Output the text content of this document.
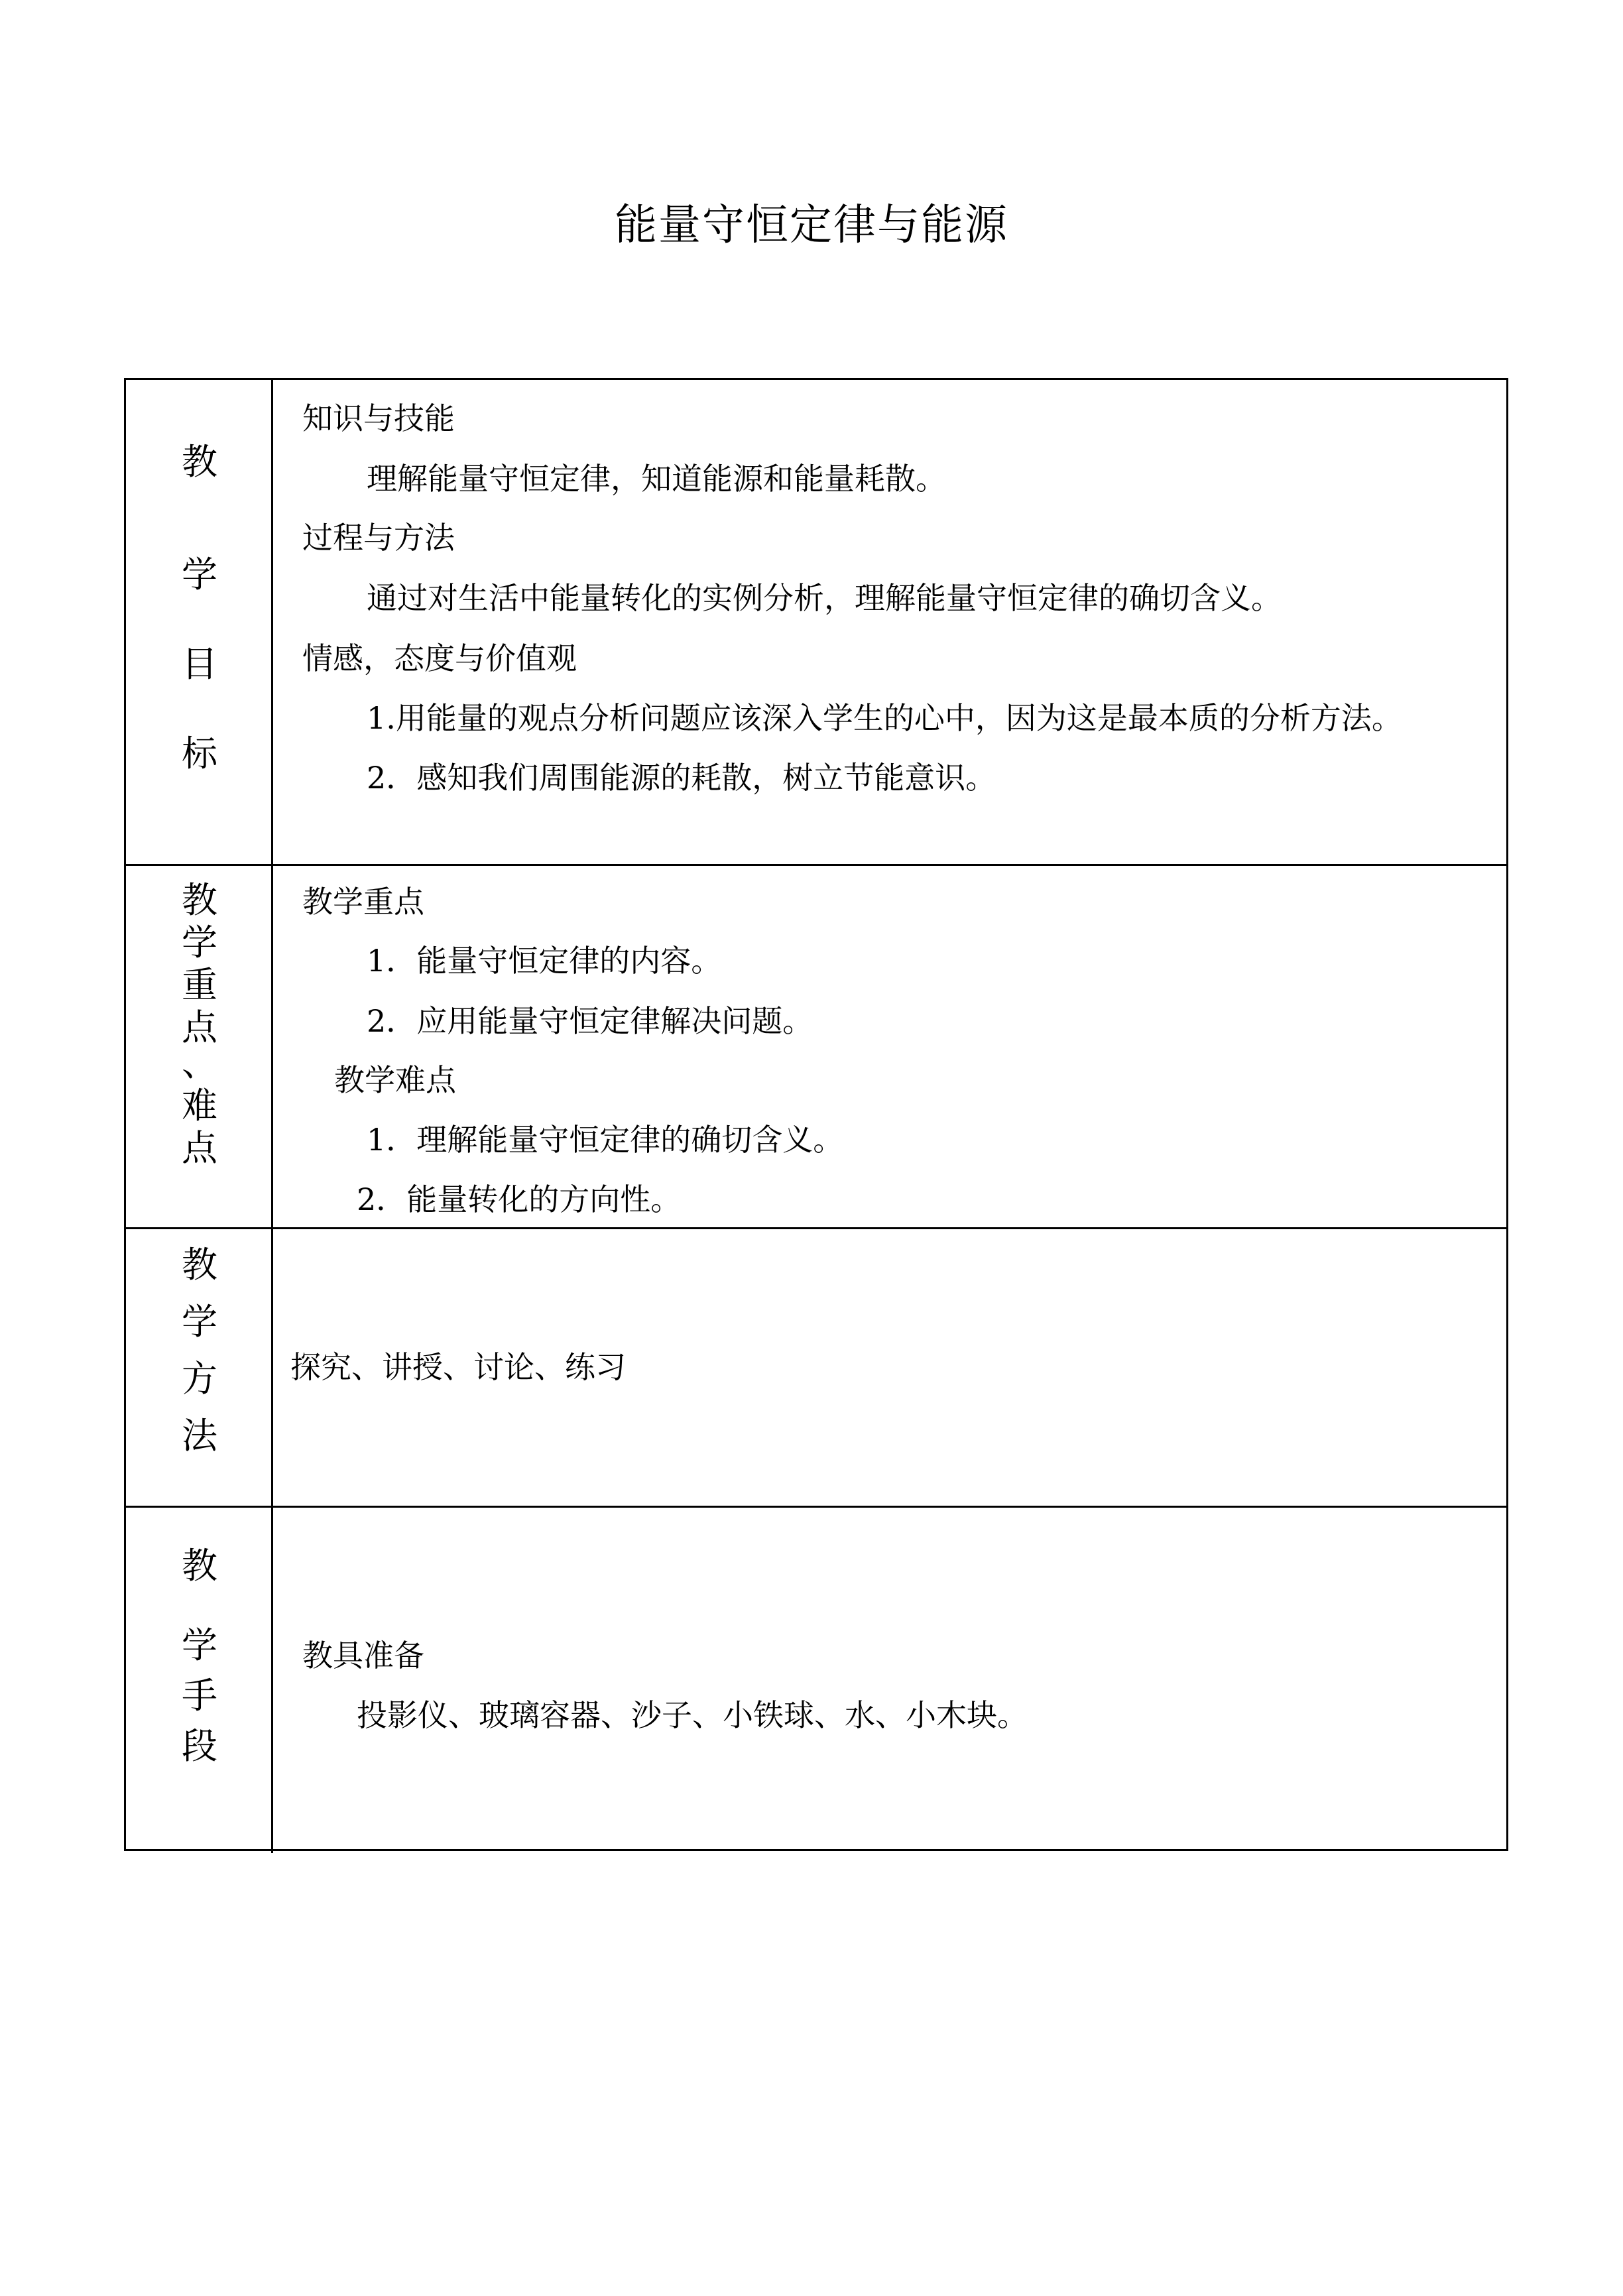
能量守恒定律与能源
教
学
目
标
知识与技能
理解能量守恒定律，知道能源和能量耗散。
过程与方法
通过对生活中能量转化的实例分析，理解能量守恒定律的确切含义。
情感，态度与价值观
1.用能量的观点分析问题应该深入学生的心中，因为这是最本质的分析方法。
2．感知我们周围能源的耗散，树立节能意识。
教
学
重
点
、
难
点
教学重点
1．能量守恒定律的内容。
2．应用能量守恒定律解决问题。
教学难点
1．理解能量守恒定律的确切含义。
2．能量转化的方向性。
教
学
方
法
探究、讲授、讨论、练习
教
学
手
段
教具准备
投影仪、玻璃容器、沙子、小铁球、水、小木块。
